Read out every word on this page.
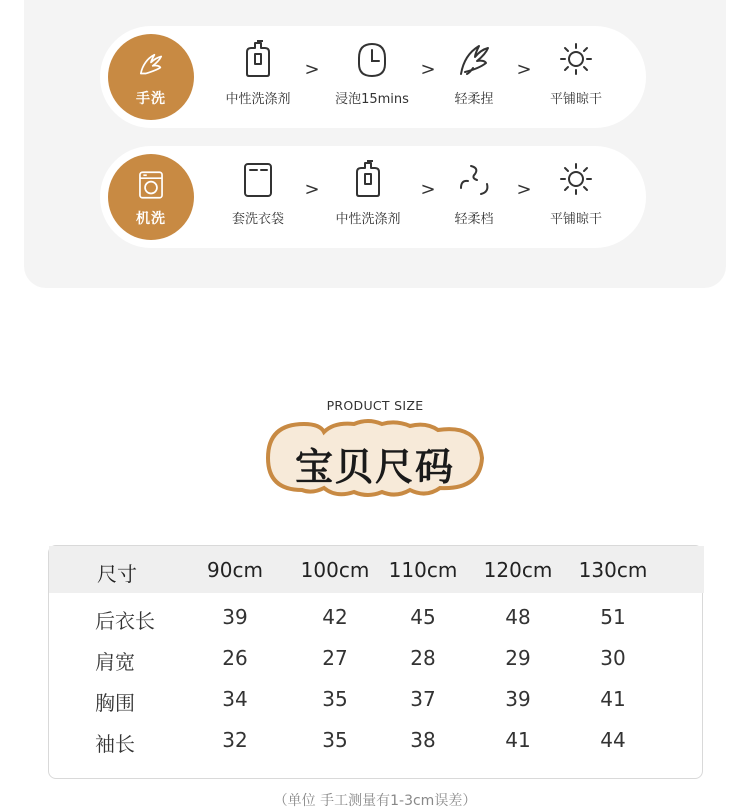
手洗	中性洗涤剂
>
浸泡15mins
>
轻柔捏
>
平铺晾干
机洗	套洗衣袋
>
中性洗涤剂
>
轻柔档
>
平铺晾干
PRODUCT SIZE
宝贝尺码
尺寸	90cm 100cm 110cm 120cm 130cm
后衣长	39	42	45	48	51
肩宽	26	27	28	29	30
胸围	34	35	37	39	41
袖长	32	35	38	41	44
（单位 手工测量有1-3cm误差）
